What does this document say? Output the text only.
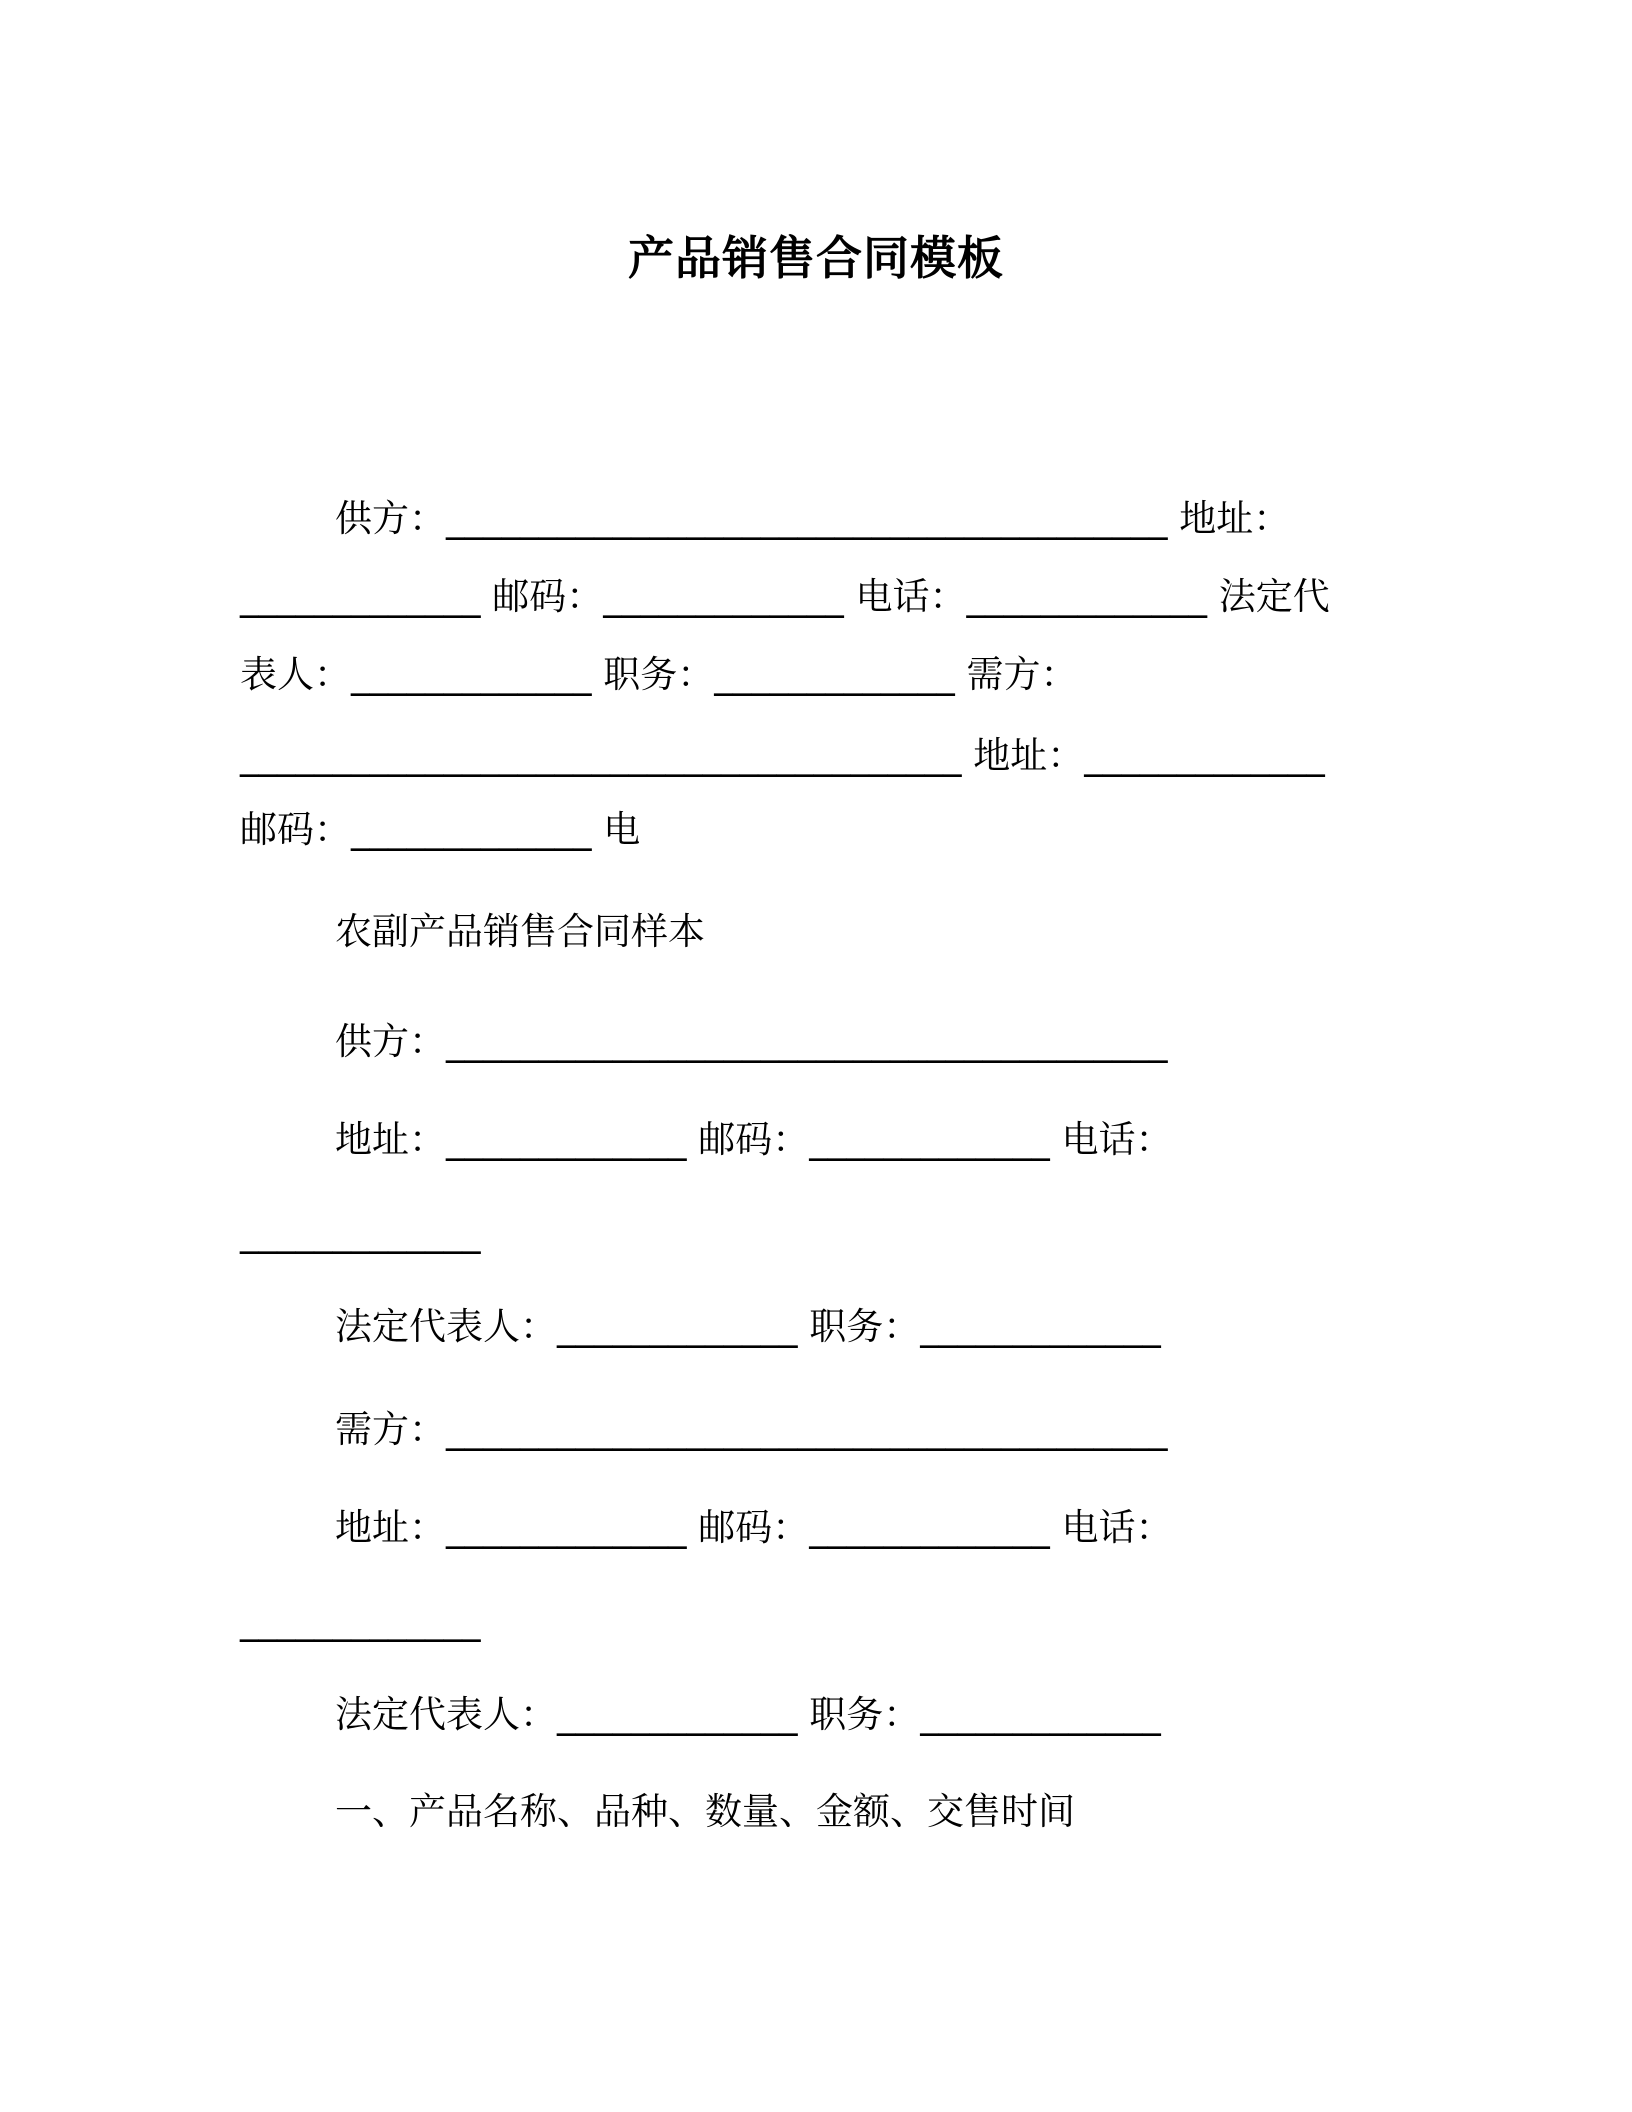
产品销售合同模板
供方：_______________________________________ 地址：
_____________ 邮码：_____________ 电话：_____________ 法定代
表人：_____________ 职务：_____________ 需方：
_______________________________________ 地址：_____________
邮码：_____________ 电
农副产品销售合同样本
供方：_______________________________________
地址：_____________ 邮码：_____________ 电话：
_____________
法定代表人：_____________ 职务：_____________
需方：_______________________________________
地址：_____________ 邮码：_____________ 电话：
_____________
法定代表人：_____________ 职务：_____________
一、产品名称、品种、数量、金额、交售时间
